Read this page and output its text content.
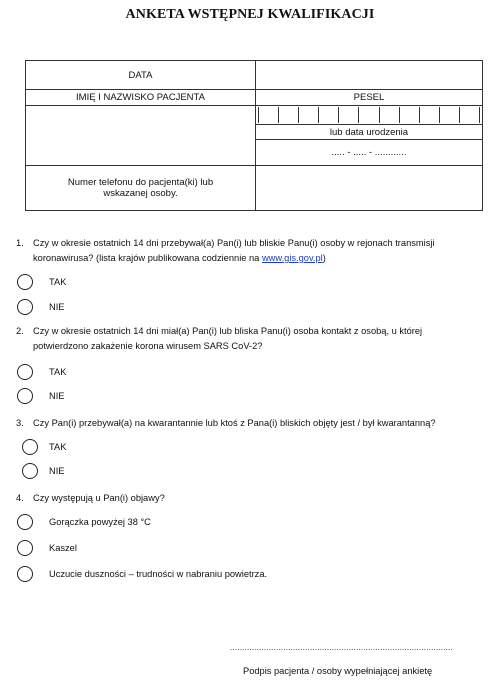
ANKETA WSTĘPNEJ KWALIFIKACJI
DATA	
IMIĘ I NAZWISKO PACJENTA	PESEL

	lub data urodzenia
	..... - ..... - ............

Numer telefonu do pacjenta(ki) lub
wskazanej osoby.	

1. Czy w okresie ostatnich 14 dni przebywał(a) Pan(i) lub bliskie Panu(i) osoby w rejonach transmisji
koronawirusa? (lista krajów publikowana codziennie na www.gis.gov.pl)
TAK
NIE
2. Czy w okresie ostatnich 14 dni miał(a) Pan(i) lub bliska Panu(i) osoba kontakt z osobą, u której
potwierdzono zakażenie korona wirusem SARS CoV-2?
TAK
NIE
3. Czy Pan(i) przebywał(a) na kwarantannie lub ktoś z Pana(i) bliskich objęty jest / był kwarantanną?
TAK
NIE
4. Czy występują u Pan(i) objawy?
Gorączka powyżej 38 °C
Kaszel
Uczucie duszności – trudności w nabraniu powietrza.
............................................................................................
Podpis pacjenta / osoby wypełniającej ankietę
